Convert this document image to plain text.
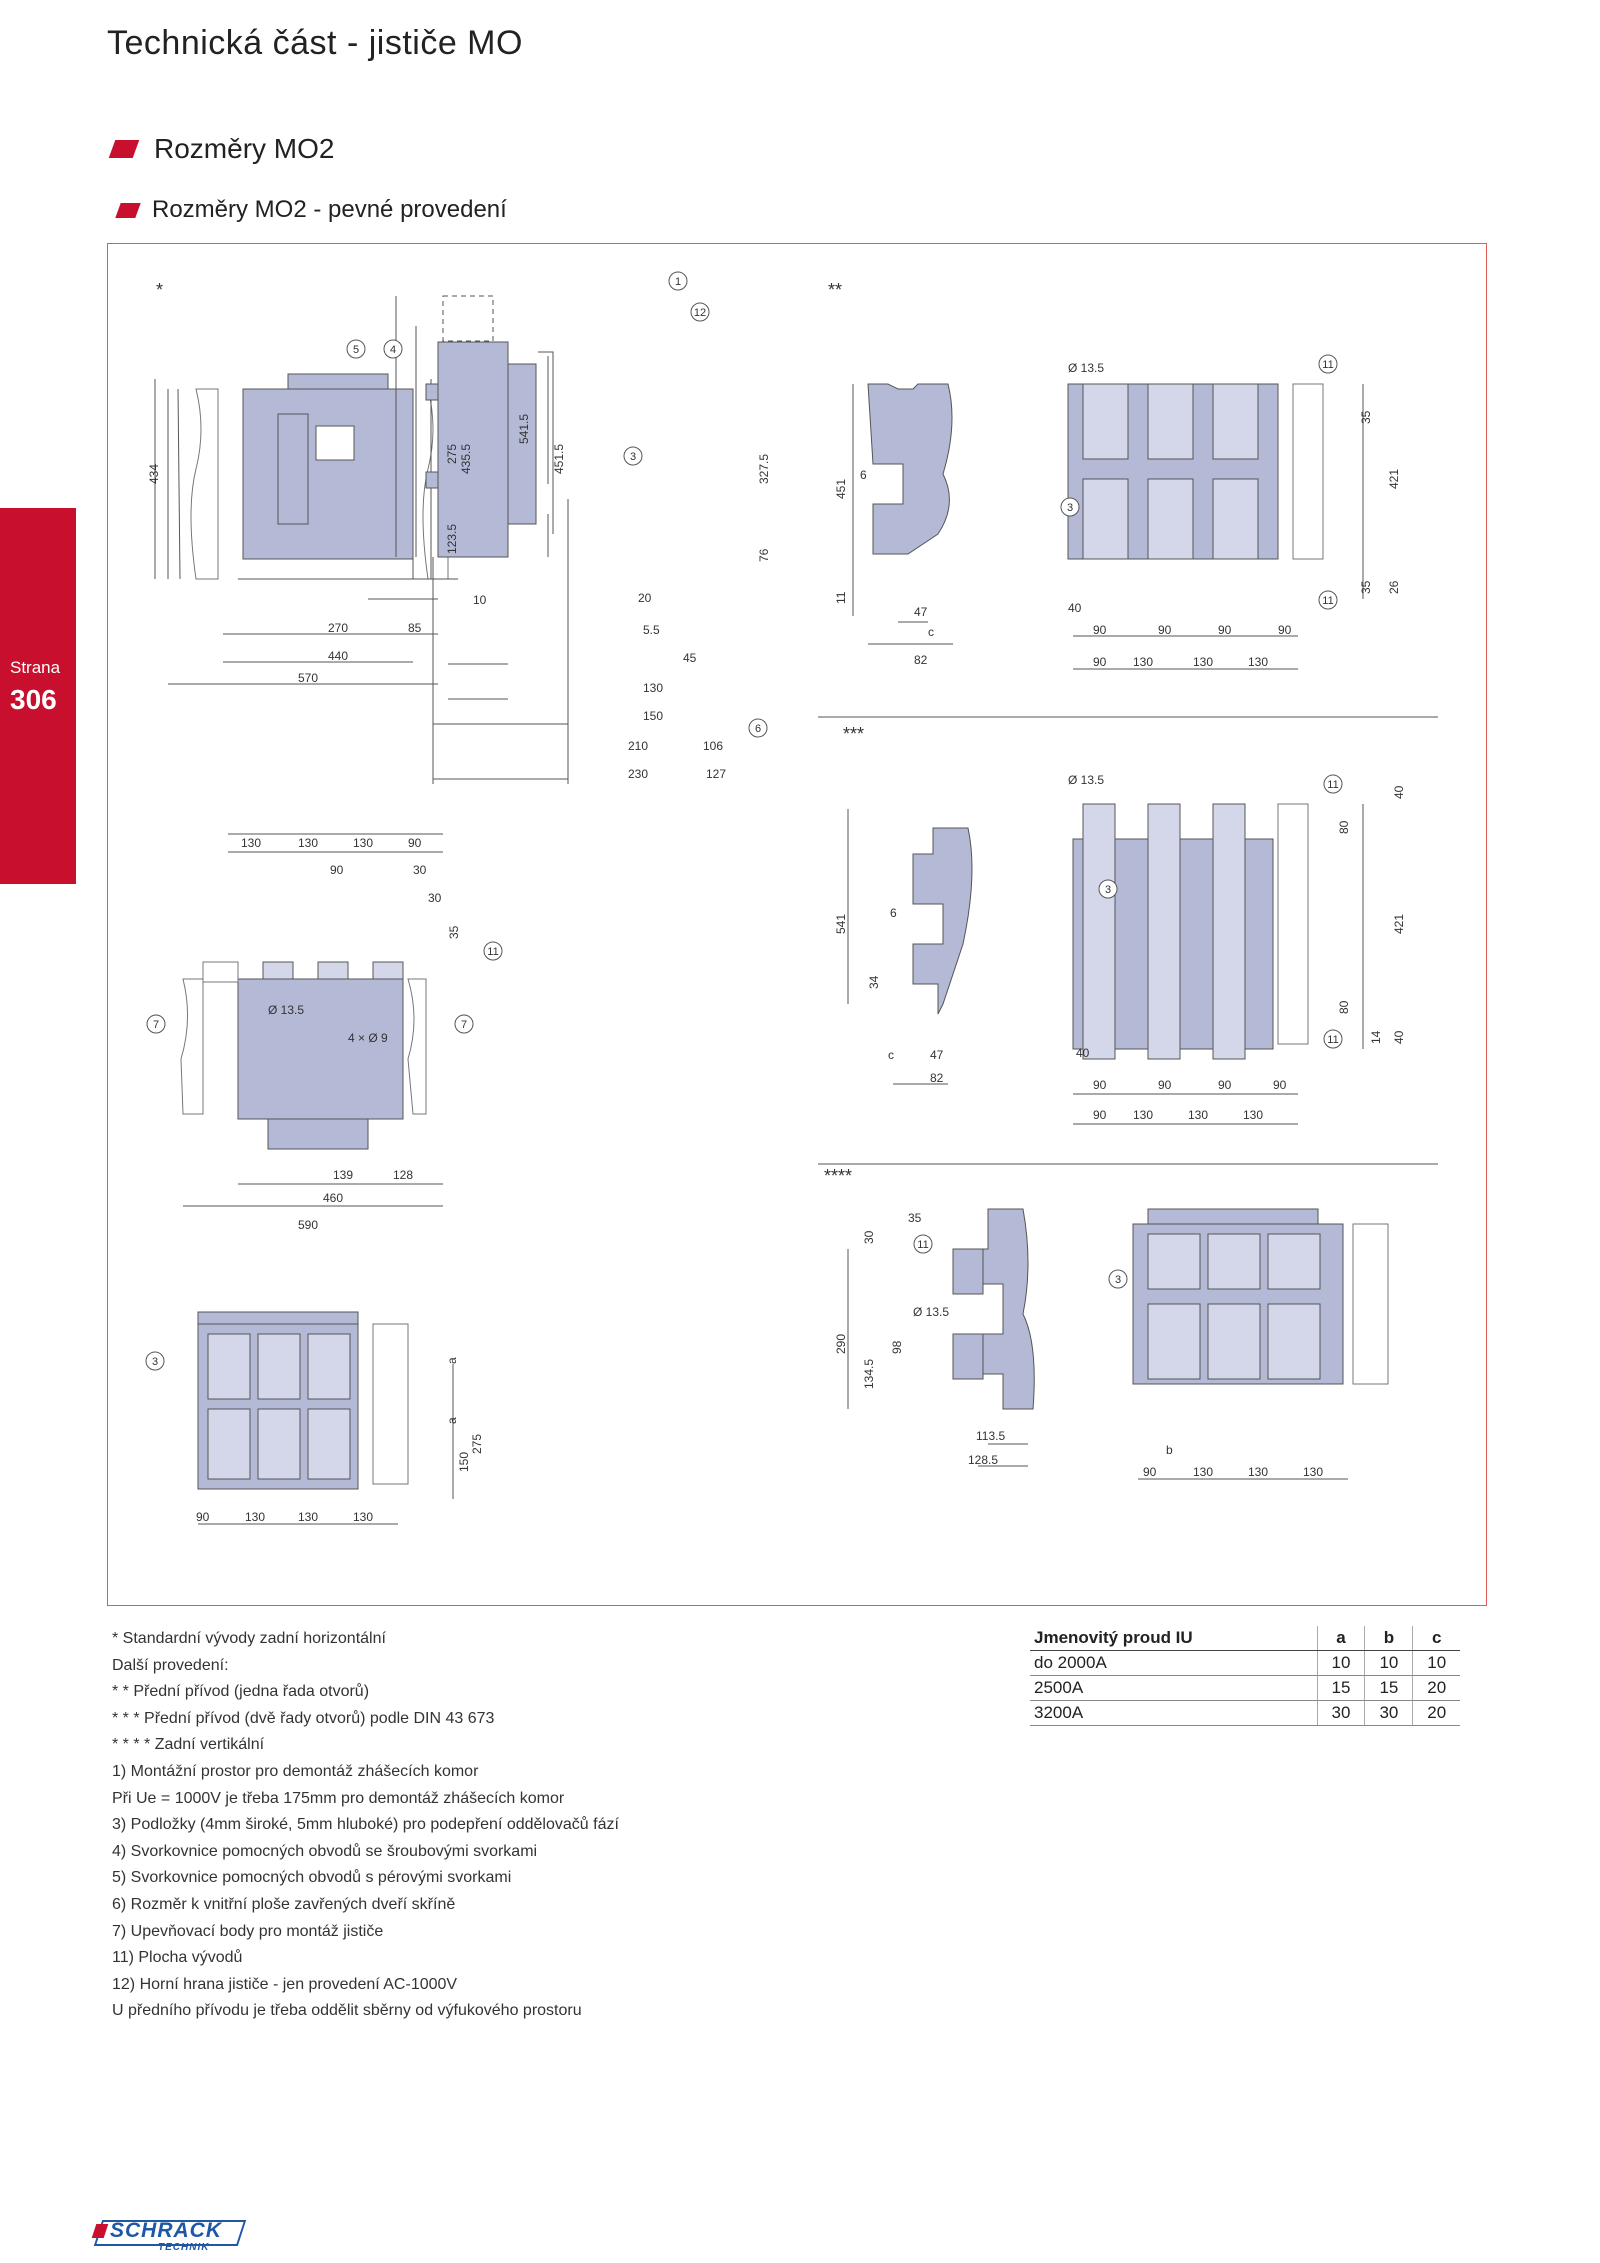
Technická část - jističe MO
Rozměry MO2
Rozměry MO2 - pevné provedení
Strana
306
*	**
***
****
1
12
5	4
3
6
11
11
3
11
11
3
11
7	7
3
11
3
434
275 435.5
123.5
10
270	85
440
570
541.5
451.5	327.5
76
20
5.5
45
130
150
210	106
230	127
451
6
11
47
c
82
Ø 13.5
35
421
35 26
40
90	90	90	90
90 130	130	130
541
6
34
c	47
82
Ø 13.5
40
80
421
80
14 40
40
90	90	90	90
90 130	130	130
130	130	130	90
90	30
30
35
Ø 13.5
4 × Ø 9
139	128
460
590
a
a
275
150
90	130	130	130
35
30
Ø 13.5
290
134.5
98
113.5
128.5
b
90	130	130	130
* Standardní vývody zadní horizontální
Další provedení:
* * Přední přívod (jedna řada otvorů)
* * * Přední přívod (dvě řady otvorů) podle DIN 43 673
* * * * Zadní vertikální
1) Montážní prostor pro demontáž zhášecích komor
Při Ue = 1000V je třeba 175mm pro demontáž zhášecích komor
3) Podložky (4mm široké, 5mm hluboké) pro podepření oddělovačů fází
4) Svorkovnice pomocných obvodů se šroubovými svorkami
5) Svorkovnice pomocných obvodů s pérovými svorkami
6) Rozměr k vnitřní ploše zavřených dveří skříně
7) Upevňovací body pro montáž jističe
11) Plocha vývodů
12) Horní hrana jističe - jen provedení AC-1000V
U předního přívodu je třeba oddělit sběrny od výfukového prostoru
Jmenovitý proud IU	a	b	c
do 2000A	10	10	10
2500A	15	15	20
3200A	30	30	20
SCHRACK
TECHNIK
